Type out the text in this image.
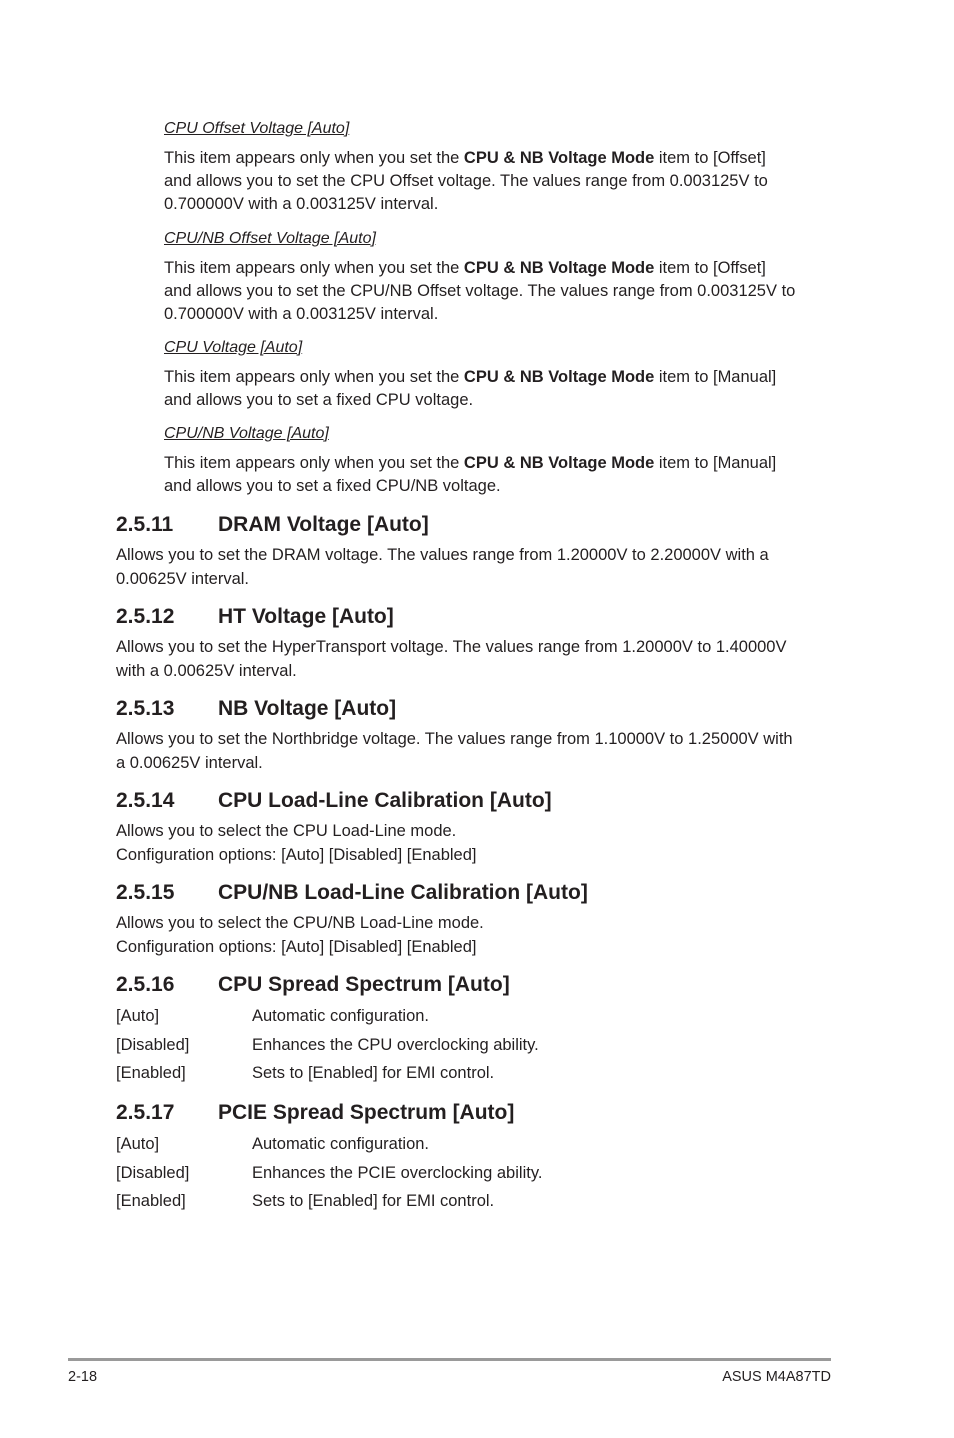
CPU Offset Voltage [Auto]

This item appears only when you set the CPU & NB Voltage Mode item to [Offset]
and allows you to set the CPU Offset voltage. The values range from 0.003125V to
0.700000V with a 0.003125V interval.

CPU/NB Offset Voltage [Auto]

This item appears only when you set the CPU & NB Voltage Mode item to [Offset]
and allows you to set the CPU/NB Offset voltage. The values range from 0.003125V to
0.700000V with a 0.003125V interval.

CPU Voltage [Auto]

This item appears only when you set the CPU & NB Voltage Mode item to [Manual]
and allows you to set a fixed CPU voltage.

CPU/NB Voltage [Auto]

This item appears only when you set the CPU & NB Voltage Mode item to [Manual]
and allows you to set a fixed CPU/NB voltage.

2.5.11 DRAM Voltage [Auto]

Allows you to set the DRAM voltage. The values range from 1.20000V to 2.20000V with a
0.00625V interval.

2.5.12 HT Voltage [Auto]

Allows you to set the HyperTransport voltage. The values range from 1.20000V to 1.40000V
with a 0.00625V interval.

2.5.13 NB Voltage [Auto]

Allows you to set the Northbridge voltage. The values range from 1.10000V to 1.25000V with
a 0.00625V interval.

2.5.14 CPU Load-Line Calibration [Auto]

Allows you to select the CPU Load-Line mode.
Configuration options: [Auto] [Disabled] [Enabled]

2.5.15 CPU/NB Load-Line Calibration [Auto]

Allows you to select the CPU/NB Load-Line mode.
Configuration options: [Auto] [Disabled] [Enabled]

2.5.16 CPU Spread Spectrum [Auto]

[Auto]	Automatic configuration.

[Disabled]	Enhances the CPU overclocking ability.

[Enabled]	Sets to [Enabled] for EMI control.

2.5.17 PCIE Spread Spectrum [Auto]

[Auto]	Automatic configuration.

[Disabled]	Enhances the PCIE overclocking ability.

[Enabled]	Sets to [Enabled] for EMI control.

2-18	ASUS M4A87TD
